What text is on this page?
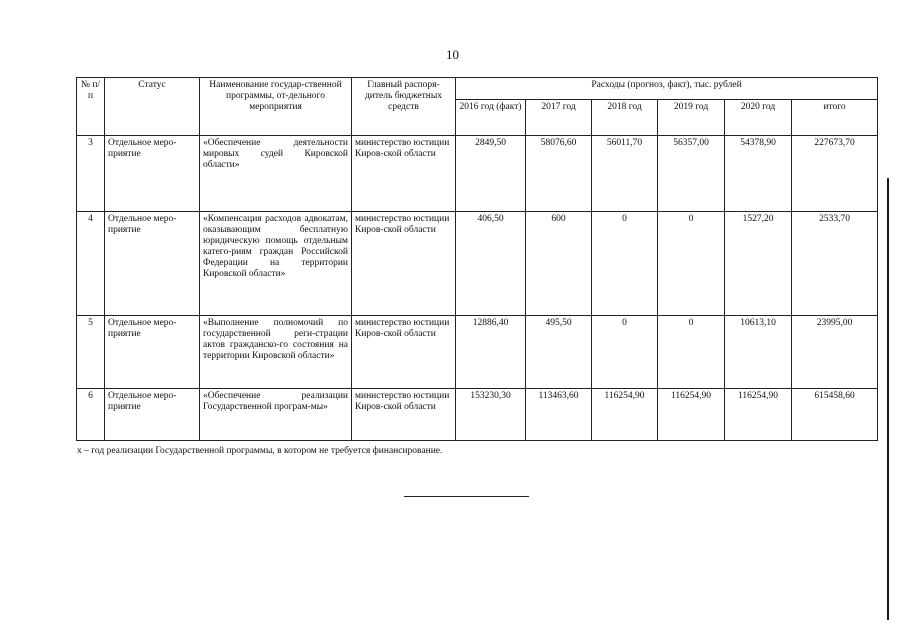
10
№ п/п	Статус	Наименование государ-ственной программы, от-дельного мероприятия	Главный распоря-дитель бюджетных средств	Расходы (прогноз, факт), тыс. рублей					
				2016 год (факт)	2017 год	2018 год	2019 год	2020 год	итого
3	Отдельное меро-приятие	«Обеспечение деятельности мировых судей Кировской области»	министерство юстиции Киров-ской области	2849,50	58076,60	56011,70	56357,00	54378,90	227673,70
4	Отдельное меро-приятие	«Компенсация расходов адвокатам, оказывающим бесплатную юридическую помощь отдельным катего-риям граждан Российской Федерации на территории Кировской области»	министерство юстиции Киров-ской области	406,50	600	0	0	1527,20	2533,70
5	Отдельное меро-приятие	«Выполнение полномочий по государственной реги-страции актов гражданско-го состояния на территории Кировской области»	министерство юстиции Киров-ской области	12886,40	495,50	0	0	10613,10	23995,00
6	Отдельное меро-приятие	«Обеспечение реализации Государственной програм-мы»	министерство юстиции Киров-ской области	153230,30	113463,60	116254,90	116254,90	116254,90	615458,60
х – год реализации Государственной программы, в котором не требуется финансирование.
